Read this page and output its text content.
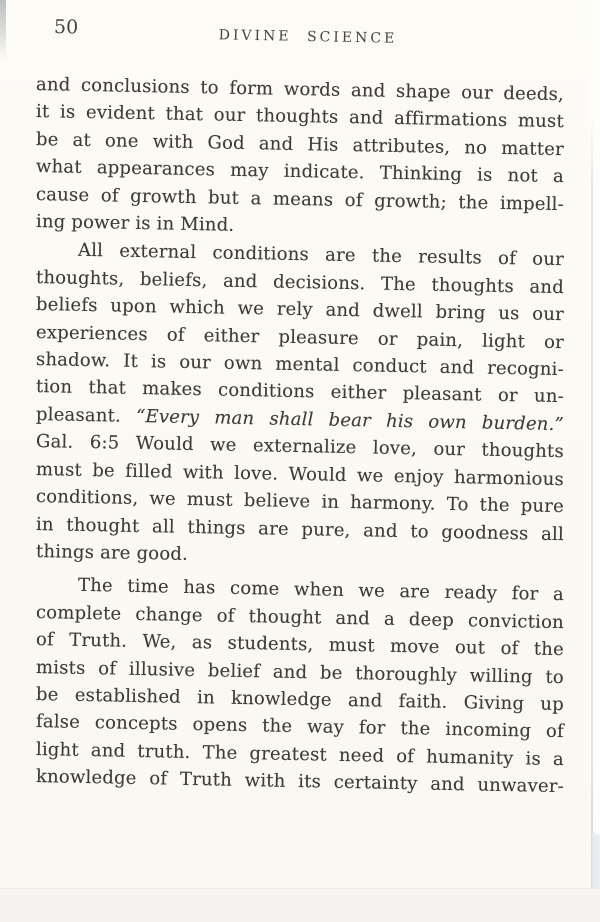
50	DIVINE SCIENCE
and conclusions to form words and shape our deeds,
it is evident that our thoughts and affirmations must
be at one with God and His attributes, no matter
what appearances may indicate. Thinking is not a
cause of growth but a means of growth; the impell-
ing power is in Mind.
All external conditions are the results of our
thoughts, beliefs, and decisions. The thoughts and
beliefs upon which we rely and dwell bring us our
experiences of either pleasure or pain, light or
shadow. It is our own mental conduct and recogni-
tion that makes conditions either pleasant or un-
pleasant. “Every man shall bear his own burden.”
Gal. 6:5 Would we externalize love, our thoughts
must be filled with love. Would we enjoy harmonious
conditions, we must believe in harmony. To the pure
in thought all things are pure, and to goodness all
things are good.
The time has come when we are ready for a
complete change of thought and a deep conviction
of Truth. We, as students, must move out of the
mists of illusive belief and be thoroughly willing to
be established in knowledge and faith. Giving up
false concepts opens the way for the incoming of
light and truth. The greatest need of humanity is a
knowledge of Truth with its certainty and unwaver-
